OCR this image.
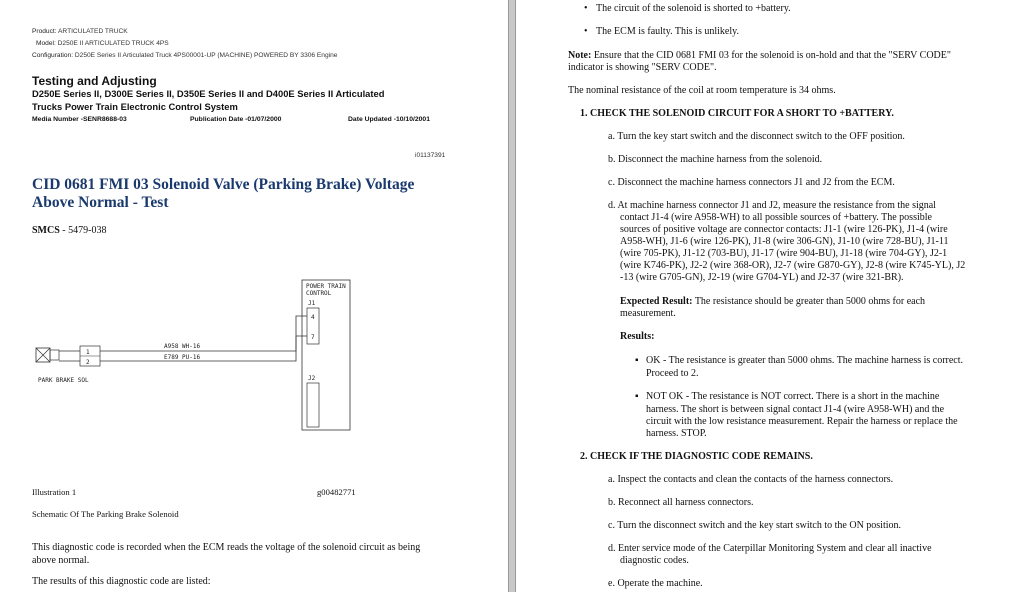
Product: ARTICULATED TRUCK
Model: D250E II ARTICULATED TRUCK 4PS
Configuration: D250E Series II Articulated Truck 4PS00001-UP (MACHINE) POWERED BY 3306 Engine
Testing and Adjusting
D250E Series II, D300E Series II, D350E Series II and D400E Series II Articulated
Trucks Power Train Electronic Control System
Media Number -SENR8688-03	Publication Date -01/07/2000	Date Updated -10/10/2001
i01137391
CID 0681 FMI 03 Solenoid Valve (Parking Brake) Voltage
Above Normal - Test
SMCS - 5479-038
POWER TRAIN
CONTROL
J1
4
7
J2
A958 WH-16
E789 PU-16
1
2
PARK BRAKE SOL
Illustration 1	g00482771
Schematic Of The Parking Brake Solenoid
This diagnostic code is recorded when the ECM reads the voltage of the solenoid circuit as being
above normal.
The results of this diagnostic code are listed:
• The circuit of the solenoid is shorted to +battery.
• The ECM is faulty. This is unlikely.
Note: Ensure that the CID 0681 FMI 03 for the solenoid is on-hold and that the "SERV CODE"
indicator is showing "SERV CODE".
The nominal resistance of the coil at room temperature is 34 ohms.
1. CHECK THE SOLENOID CIRCUIT FOR A SHORT TO +BATTERY.
a. Turn the key start switch and the disconnect switch to the OFF position.
b. Disconnect the machine harness from the solenoid.
c. Disconnect the machine harness connectors J1 and J2 from the ECM.
d. At machine harness connector J1 and J2, measure the resistance from the signal
contact J1-4 (wire A958-WH) to all possible sources of +battery. The possible
sources of positive voltage are connector contacts: J1-1 (wire 126-PK), J1-4 (wire
A958-WH), J1-6 (wire 126-PK), J1-8 (wire 306-GN), J1-10 (wire 728-BU), J1-11
(wire 705-PK), J1-12 (703-BU), J1-17 (wire 904-BU), J1-18 (wire 704-GY), J2-1
(wire K746-PK), J2-2 (wire 368-OR), J2-7 (wire G870-GY), J2-8 (wire K745-YL), J2
-13 (wire G705-GN), J2-19 (wire G704-YL) and J2-37 (wire 321-BR).
Expected Result: The resistance should be greater than 5000 ohms for each
measurement.
Results:
▪ OK - The resistance is greater than 5000 ohms. The machine harness is correct.
Proceed to 2.
▪ NOT OK - The resistance is NOT correct. There is a short in the machine
harness. The short is between signal contact J1-4 (wire A958-WH) and the
circuit with the low resistance measurement. Repair the harness or replace the
harness. STOP.
2. CHECK IF THE DIAGNOSTIC CODE REMAINS.
a. Inspect the contacts and clean the contacts of the harness connectors.
b. Reconnect all harness connectors.
c. Turn the disconnect switch and the key start switch to the ON position.
d. Enter service mode of the Caterpillar Monitoring System and clear all inactive
diagnostic codes.
e. Operate the machine.
